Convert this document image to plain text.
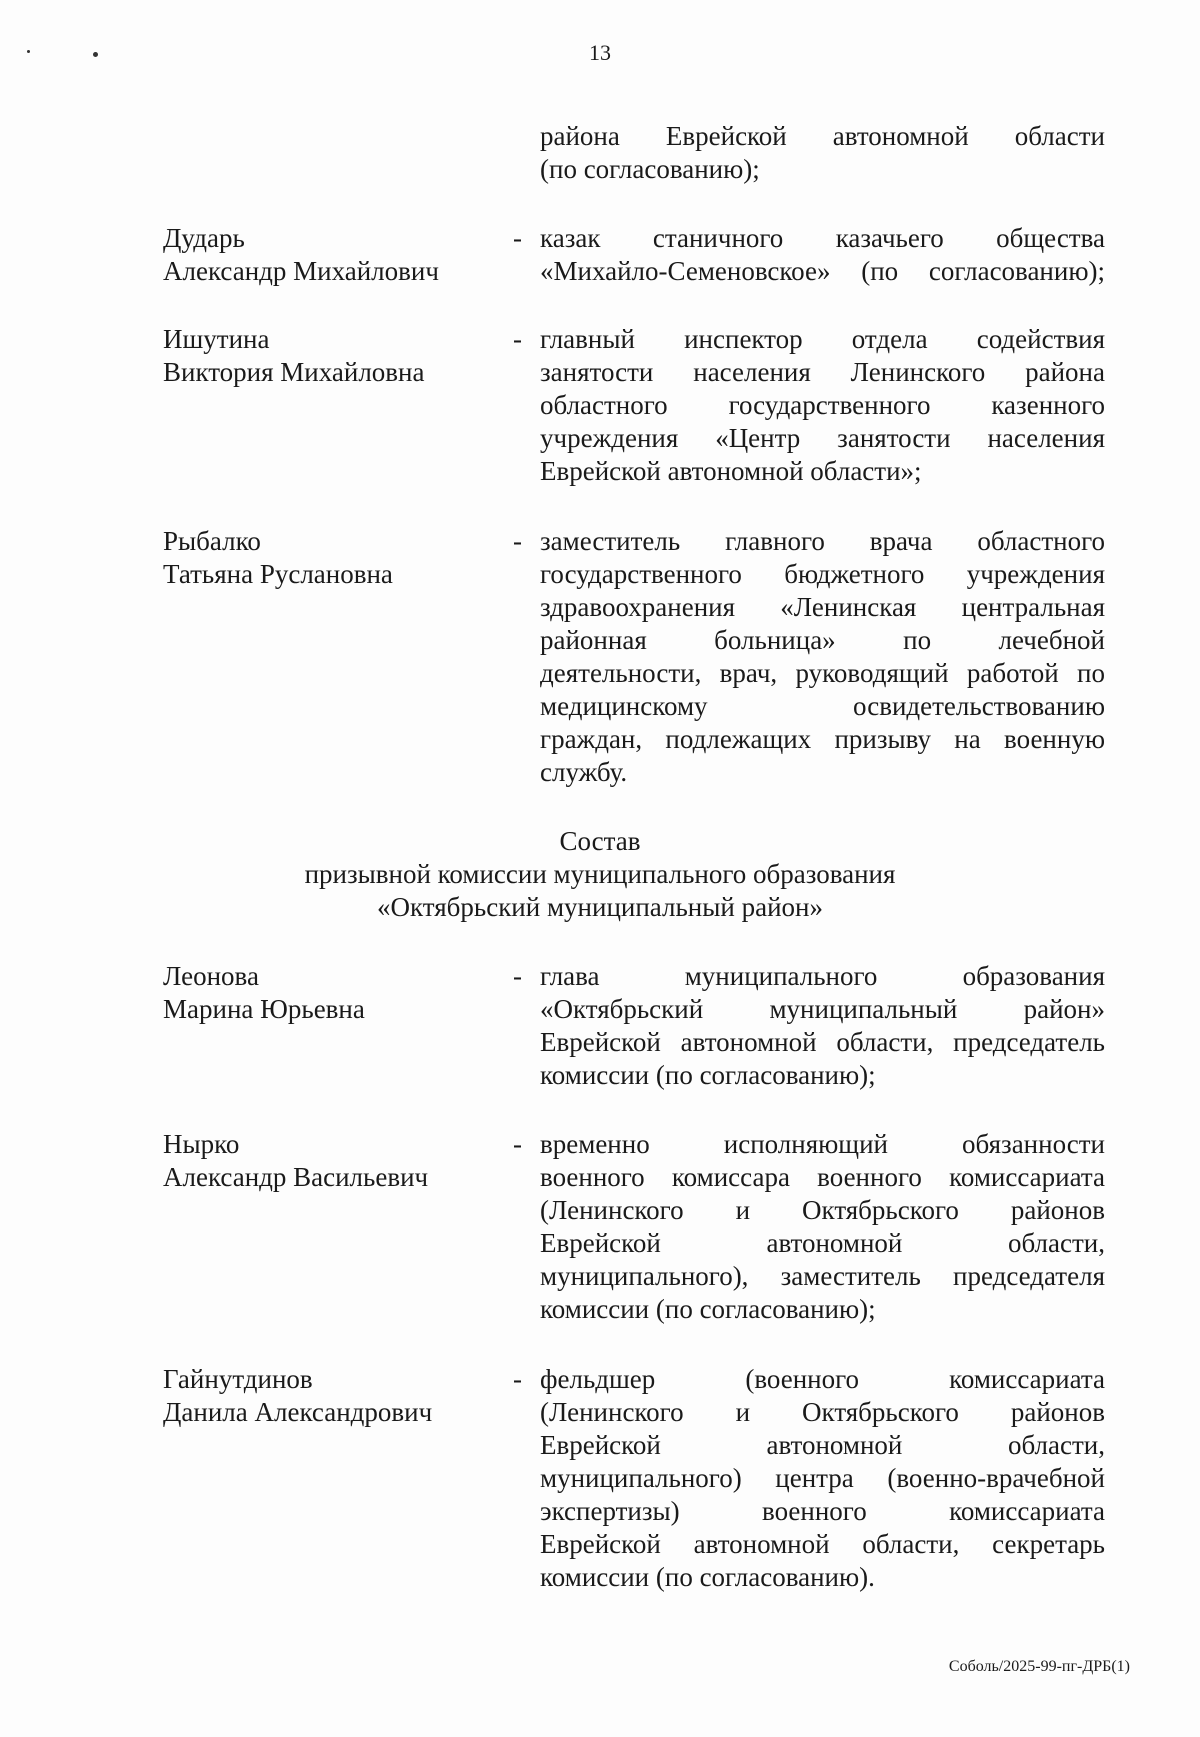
13
района Еврейской автономной области
(по согласованию);
Дударь
Александр Михайлович
- казак станичного казачьего общества
«Михайло-Семеновское» (по согласованию);
Ишутина
Виктория Михайловна
- главный инспектор отдела содействия
занятости населения Ленинского района
областного государственного казенного
учреждения «Центр занятости населения
Еврейской автономной области»;
Рыбалко
Татьяна Руслановна
- заместитель главного врача областного
государственного бюджетного учреждения
здравоохранения «Ленинская центральная
районная больница» по лечебной
деятельности, врач, руководящий работой по
медицинскому освидетельствованию
граждан, подлежащих призыву на военную
службу.
Состав
призывной комиссии муниципального образования
«Октябрьский муниципальный район»
Леонова
Марина Юрьевна
- глава муниципального образования
«Октябрьский муниципальный район»
Еврейской автономной области, председатель
комиссии (по согласованию);
Нырко
Александр Васильевич
- временно исполняющий обязанности
военного комиссара военного комиссариата
(Ленинского и Октябрьского районов
Еврейской автономной области,
муниципального), заместитель председателя
комиссии (по согласованию);
Гайнутдинов
Данила Александрович
- фельдшер (военного комиссариата
(Ленинского и Октябрьского районов
Еврейской автономной области,
муниципального) центра (военно-врачебной
экспертизы) военного комиссариата
Еврейской автономной области, секретарь
комиссии (по согласованию).
Соболь/2025-99-пг-ДРБ(1)
